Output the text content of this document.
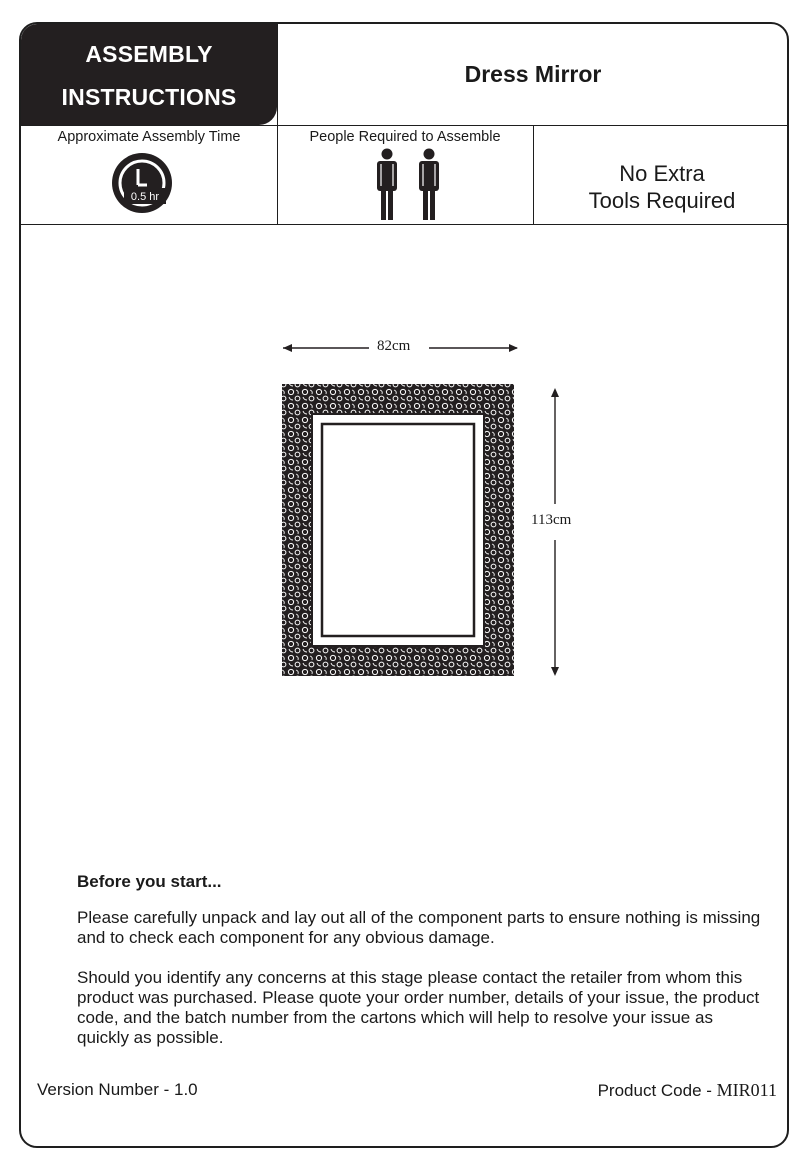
ASSEMBLY
INSTRUCTIONS
Dress Mirror
Approximate Assembly Time
0.5 hr
People Required to Assemble
No Extra
Tools Required
82cm
113cm
Before you start...
Please carefully unpack and lay out all of the component parts to ensure nothing is missing and to check each component for any obvious damage.
Should you identify any concerns at this stage please contact the retailer from whom this product was purchased. Please quote your order number, details of your issue, the product code, and the batch number from the cartons which will help to resolve your issue as quickly as possible.
Version Number - 1.0	Product Code - MIR011
